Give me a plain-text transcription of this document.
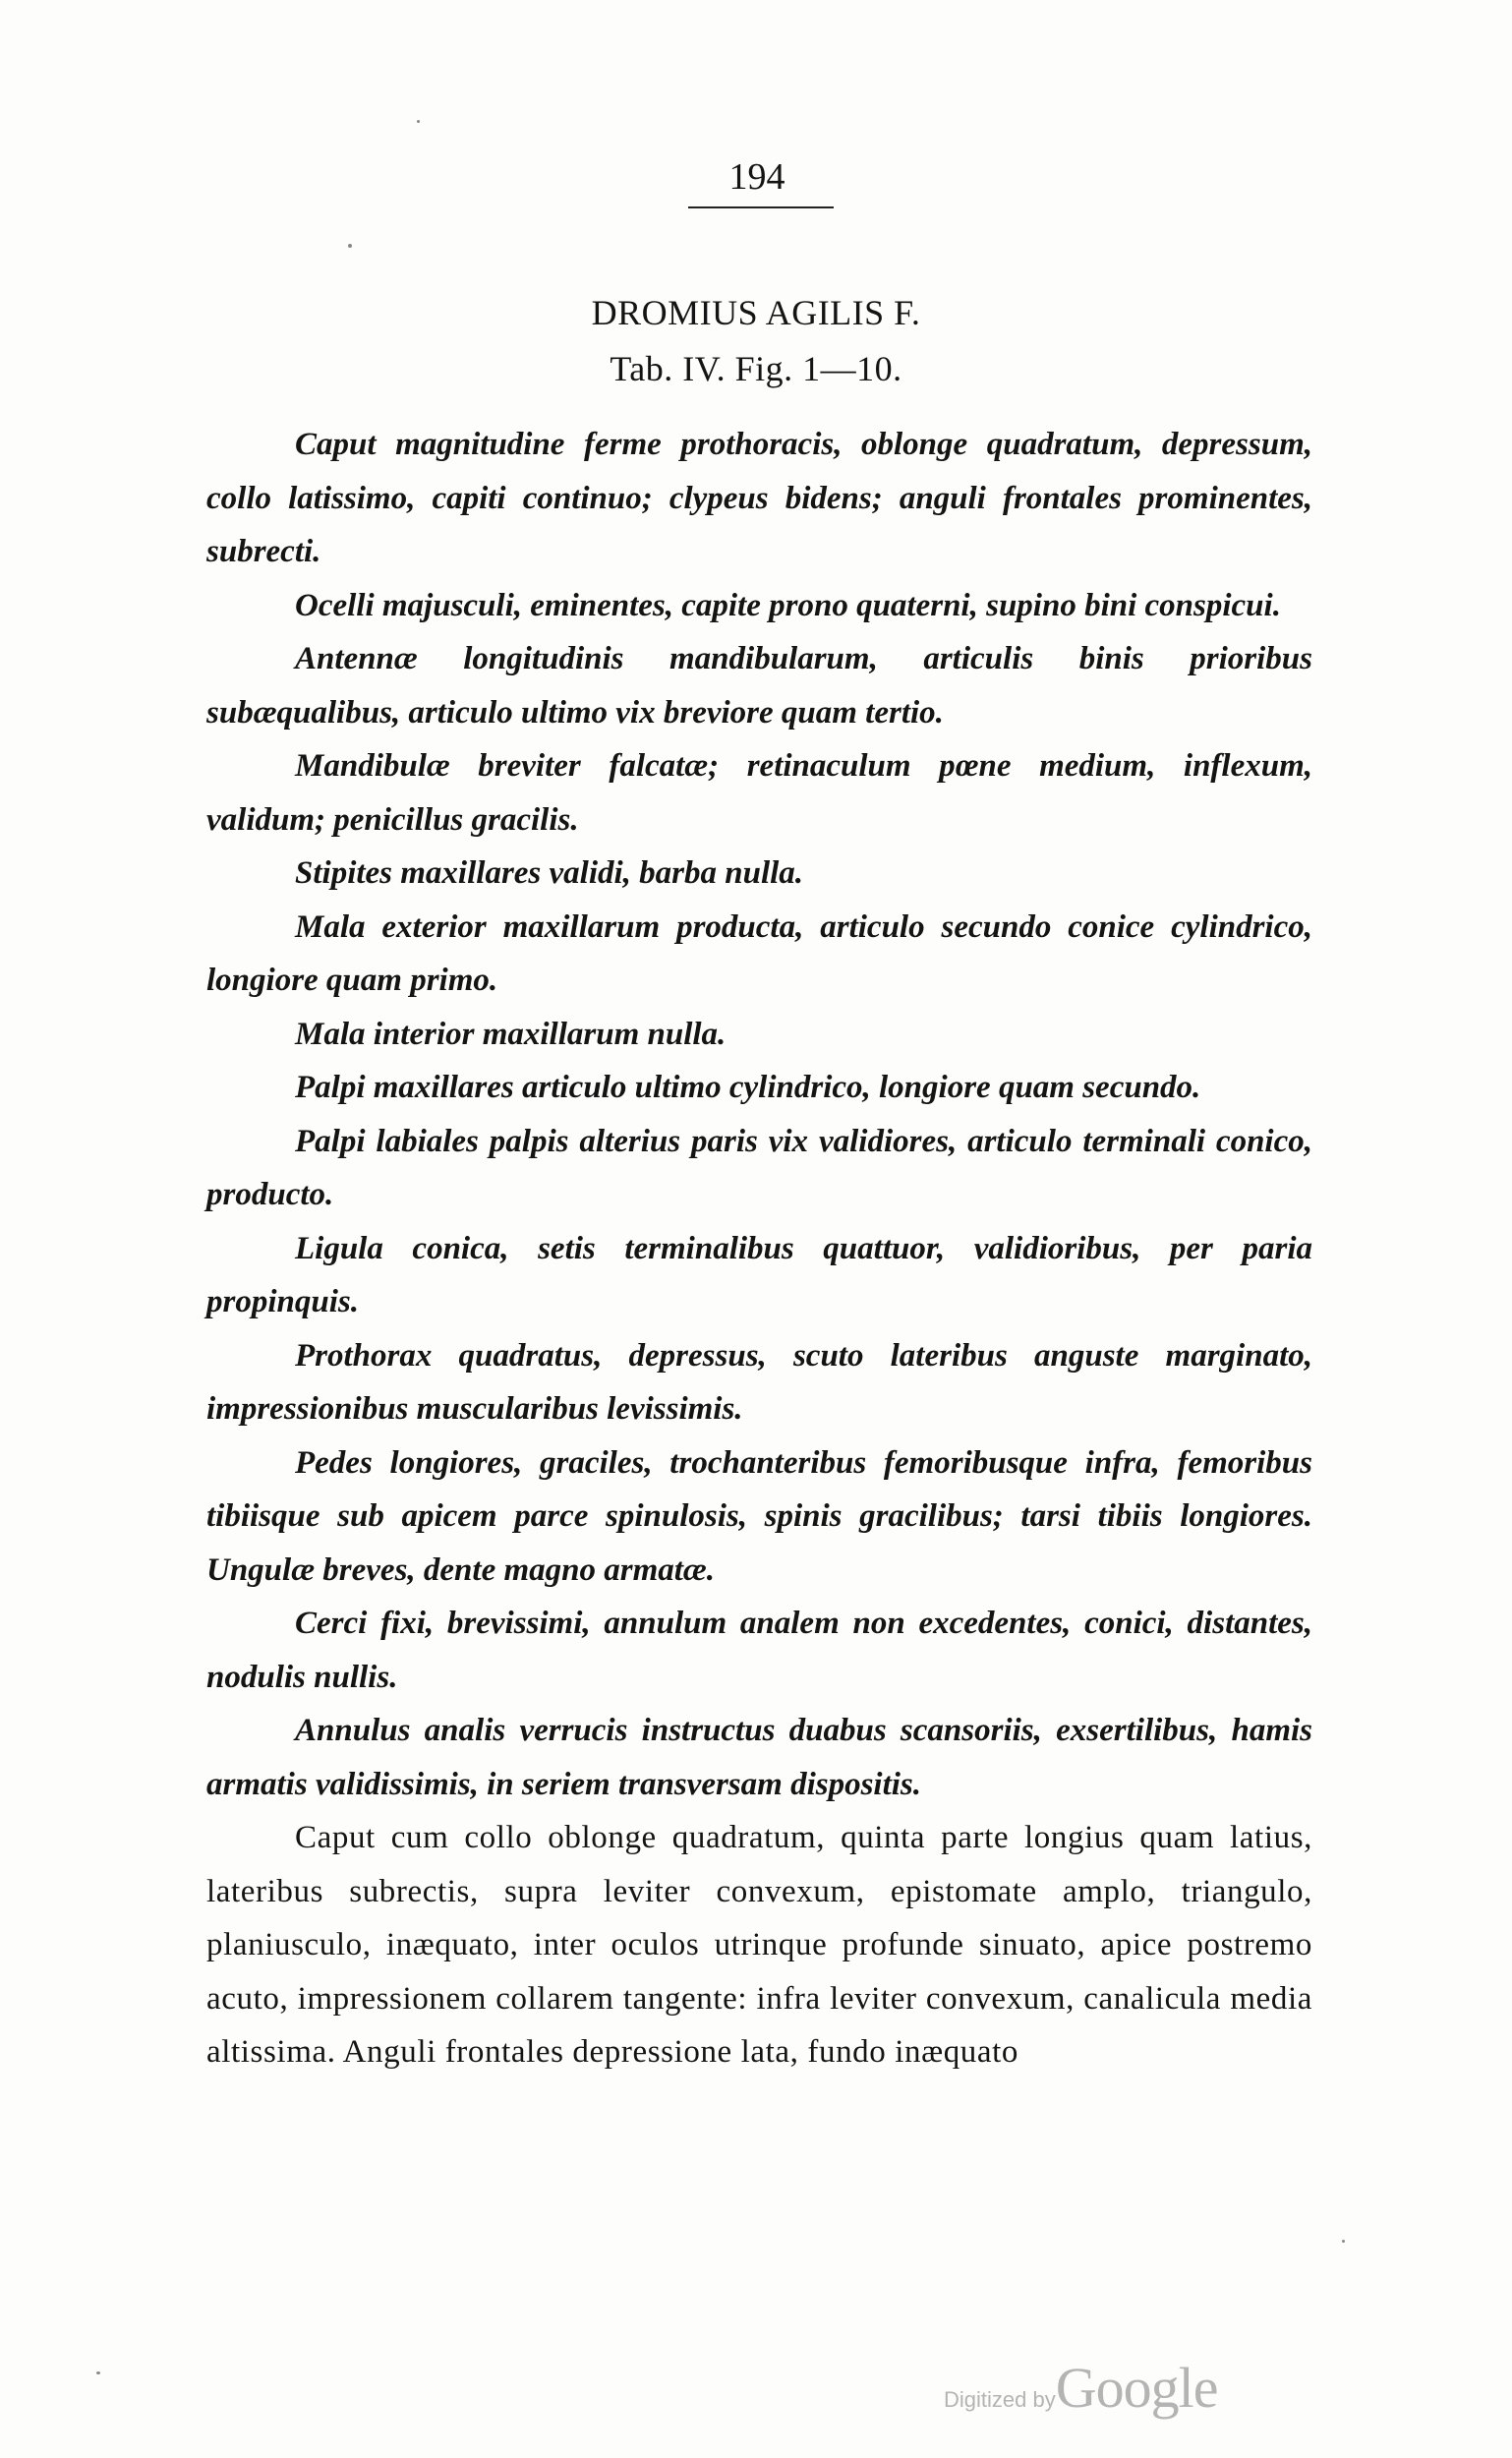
194
DROMIUS AGILIS F.
Tab. IV. Fig. 1—10.

Caput magnitudine ferme prothoracis, oblonge quadratum, depressum, collo latissimo, capiti continuo; clypeus bidens; anguli frontales prominentes, subrecti.

Ocelli majusculi, eminentes, capite prono quaterni, supino bini conspicui.

Antennæ longitudinis mandibularum, articulis binis prioribus subæqualibus, articulo ultimo vix breviore quam tertio.

Mandibulæ breviter falcatæ; retinaculum pœne medium, inflexum, validum; penicillus gracilis.

Stipites maxillares validi, barba nulla.

Mala exterior maxillarum producta, articulo secundo conice cylindrico, longiore quam primo.

Mala interior maxillarum nulla.

Palpi maxillares articulo ultimo cylindrico, longiore quam secundo.

Palpi labiales palpis alterius paris vix validiores, articulo terminali conico, producto.

Ligula conica, setis terminalibus quattuor, validioribus, per paria propinquis.

Prothorax quadratus, depressus, scuto lateribus anguste marginato, impressionibus muscularibus levissimis.

Pedes longiores, graciles, trochanteribus femoribusque infra, femoribus tibiisque sub apicem parce spinulosis, spinis gracilibus; tarsi tibiis longiores. Ungulæ breves, dente magno armatæ.

Cerci fixi, brevissimi, annulum analem non excedentes, conici, distantes, nodulis nullis.

Annulus analis verrucis instructus duabus scansoriis, exsertilibus, hamis armatis validissimis, in seriem transversam dispositis.

Caput cum collo oblonge quadratum, quinta parte longius quam latius, lateribus subrectis, supra leviter convexum, epistomate amplo, triangulo, planiusculo, inæquato, inter oculos utrinque profunde sinuato, apice postremo acuto, impressionem collarem tangente: infra leviter convexum, canalicula media altissima. Anguli frontales depressione lata, fundo inæquato

Digitized byGoogle
